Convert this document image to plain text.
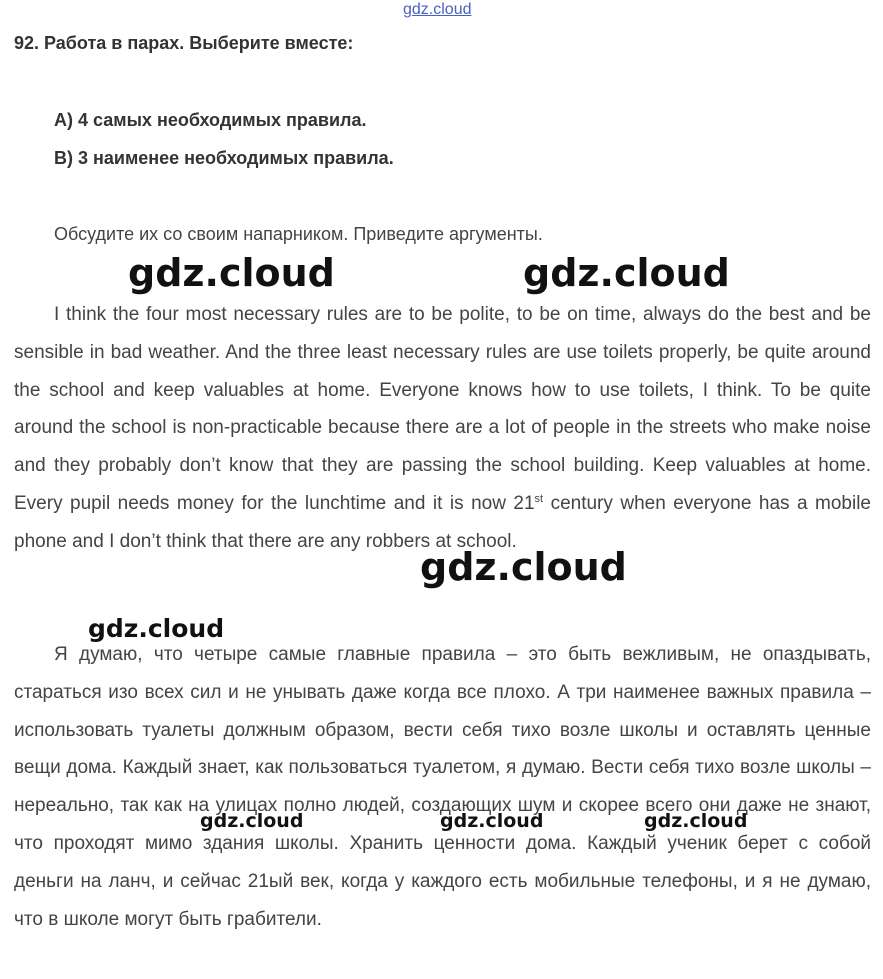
gdz.cloud
92. Работа в парах. Выберите вместе:
А) 4 самых необходимых правила.
В) 3 наименее необходимых правила.
Обсудите их со своим напарником. Приведите аргументы.

I think the four most necessary rules are to be polite, to be on time, always do the best and be sensible in bad weather. And the three least necessary rules are use toilets properly, be quite around the school and keep valuables at home. Everyone knows how to use toilets, I think. To be quite around the school is non-practicable because there are a lot of people in the streets who make noise and they probably don’t know that they are passing the school building. Keep valuables at home. Every pupil needs money for the lunchtime and it is now 21st century when everyone has a mobile phone and I don’t think that there are any robbers at school.

Я думаю, что четыре самые главные правила – это быть вежливым, не опаздывать, стараться изо всех сил и не унывать даже когда все плохо. А три наименее важных правила – использовать туалеты должным образом, вести себя тихо возле школы и оставлять ценные вещи дома. Каждый знает, как пользоваться туалетом, я думаю. Вести себя тихо возле школы – нереально, так как на улицах полно людей, создающих шум и скорее всего они даже не знают, что проходят мимо здания школы. Хранить ценности дома. Каждый ученик берет с собой деньги на ланч, и сейчас 21ый век, когда у каждого есть мобильные телефоны, и я не думаю, что в школе могут быть грабители.

gdz.cloud	gdz.cloud
gdz.cloud
gdz.cloud
gdz.cloud	gdz.cloud	gdz.cloud
